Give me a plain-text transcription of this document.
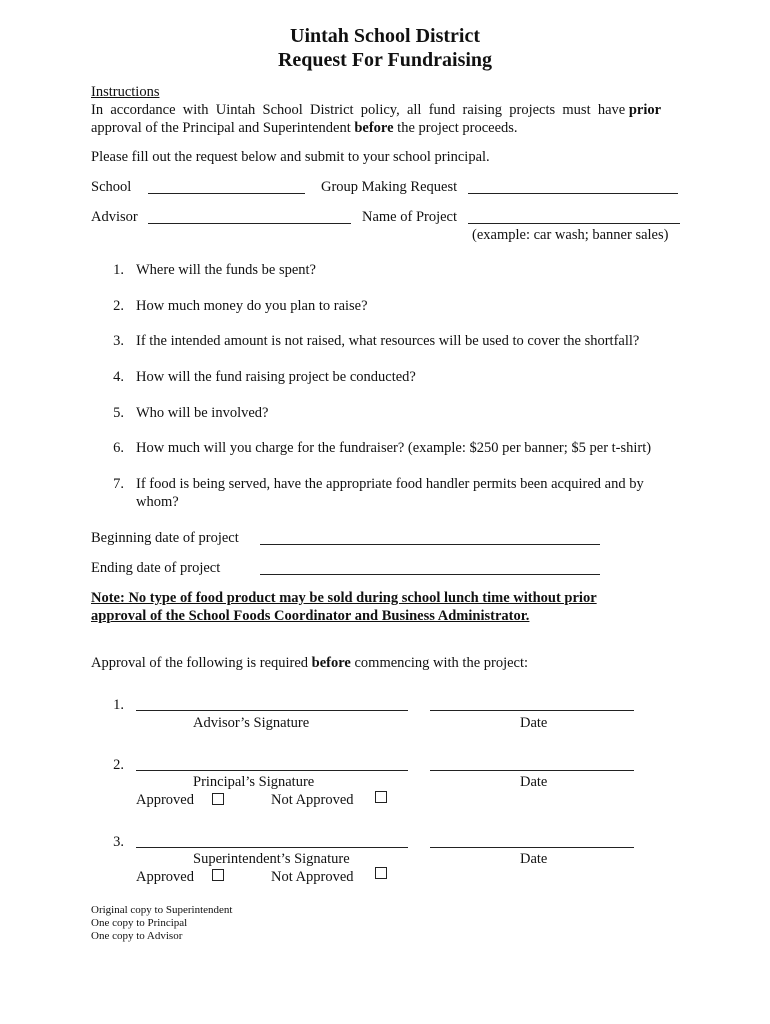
Uintah School District
Request For Fundraising
Instructions
In  accordance  with  Uintah  School  District  policy,  all  fund  raising  projects  must  have prior
approval of the Principal and Superintendent before the project proceeds.
Please fill out the request below and submit to your school principal.
School	Group Making Request
Advisor	Name of Project
(example: car wash; banner sales)
1. Where will the funds be spent?
2. How much money do you plan to raise?
3. If the intended amount is not raised, what resources will be used to cover the shortfall?
4. How will the fund raising project be conducted?
5. Who will be involved?
6. How much will you charge for the fundraiser? (example: $250 per banner; $5 per t-shirt)
7. If food is being served, have the appropriate food handler permits been acquired and by
whom?
Beginning date of project
Ending date of project
Note: No type of food product may be sold during school lunch time without prior
approval of the School Foods Coordinator and Business Administrator.
Approval of the following is required before commencing with the project:
1.
Advisor’s Signature	Date
2.
Principal’s Signature	Date
Approved	Not Approved
3.
Superintendent’s Signature	Date
Approved	Not Approved
Original copy to Superintendent
One copy to Principal
One copy to Advisor
